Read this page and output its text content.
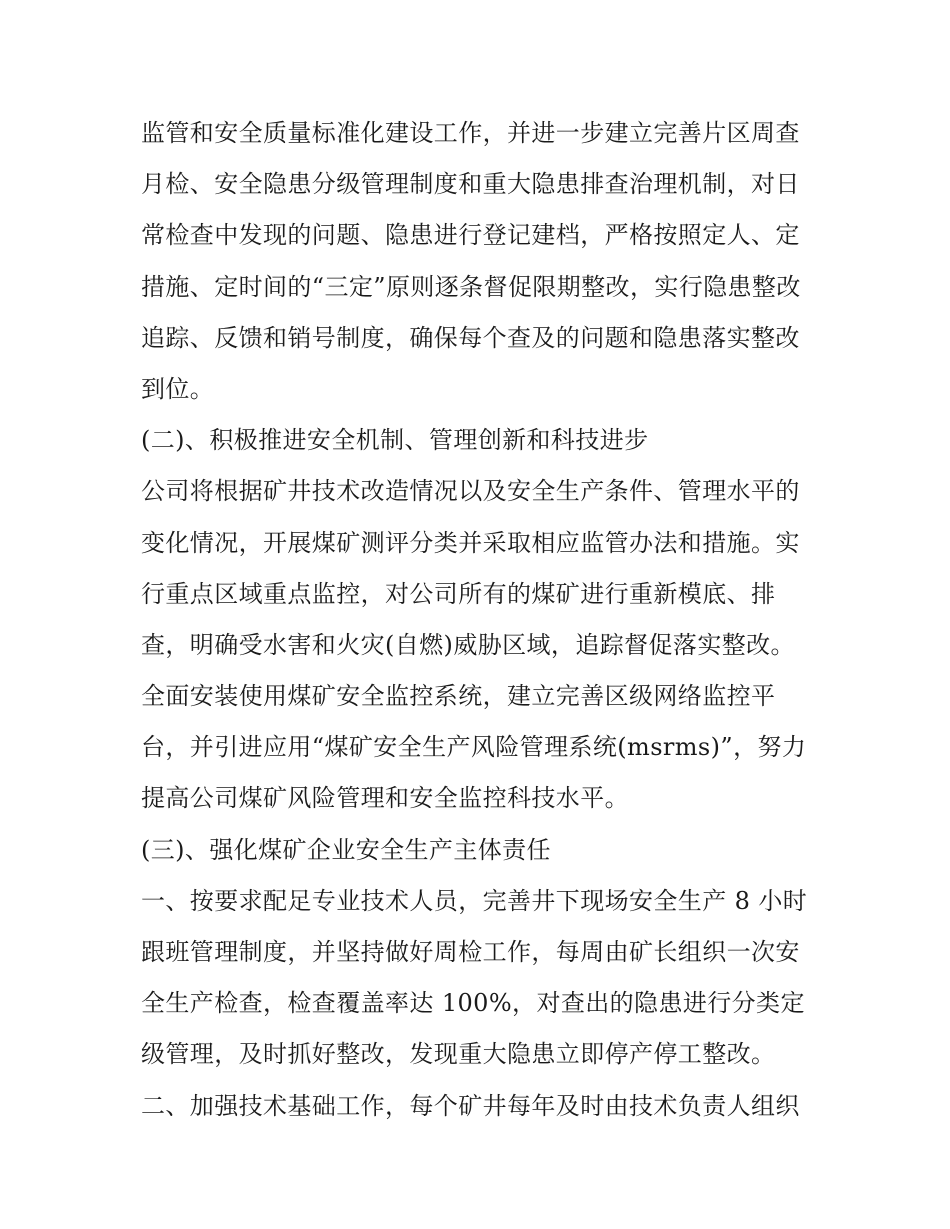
监管和安全质量标准化建设工作，并进一步建立完善片区周查
月检、安全隐患分级管理制度和重大隐患排查治理机制，对日
常检查中发现的问题、隐患进行登记建档，严格按照定人、定
措施、定时间的“三定”原则逐条督促限期整改，实行隐患整改
追踪、反馈和销号制度，确保每个查及的问题和隐患落实整改
到位。
(二)、积极推进安全机制、管理创新和科技进步
公司将根据矿井技术改造情况以及安全生产条件、管理水平的
变化情况，开展煤矿测评分类并采取相应监管办法和措施。实
行重点区域重点监控，对公司所有的煤矿进行重新模底、排
查，明确受水害和火灾(自燃)威胁区域，追踪督促落实整改。
全面安装使用煤矿安全监控系统，建立完善区级网络监控平
台，并引进应用“煤矿安全生产风险管理系统(msrms)”，努力
提高公司煤矿风险管理和安全监控科技水平。
(三)、强化煤矿企业安全生产主体责任
一、按要求配足专业技术人员，完善井下现场安全生产 8 小时
跟班管理制度，并坚持做好周检工作，每周由矿长组织一次安
全生产检查，检查覆盖率达 100%，对查出的隐患进行分类定
级管理，及时抓好整改，发现重大隐患立即停产停工整改。
二、加强技术基础工作，每个矿井每年及时由技术负责人组织
